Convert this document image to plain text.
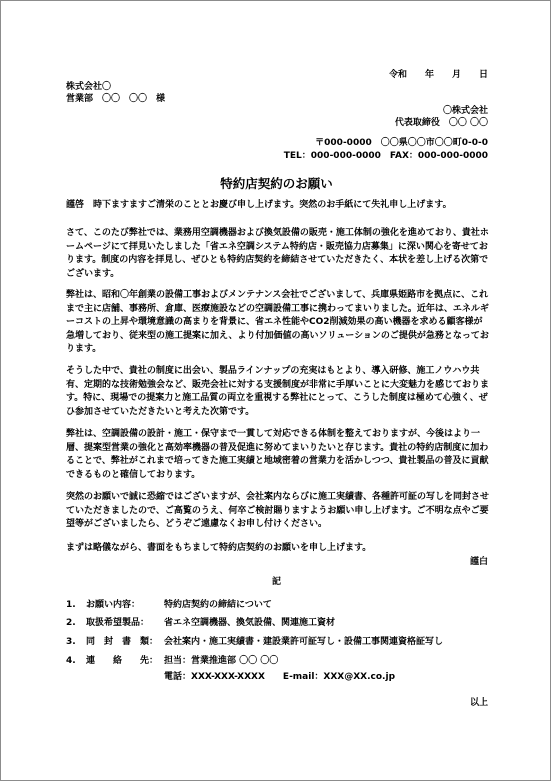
令和　　年　　月　　日
株式会社〇
営業部　〇〇　〇〇　様
〇株式会社
代表取締役　〇〇 〇〇
〒000-0000　〇〇県〇〇市〇〇町0-0-0
TEL：000-000-0000　FAX：000-000-0000
特約店契約のお願い
謹啓　時下ますますご清栄のこととお慶び申し上げます。突然のお手紙にて失礼申し上げます。
さて、このたび弊社では、業務用空調機器および換気設備の販売・施工体制の強化を進めており、貴社ホームページにて拝見いたしました「省エネ空調システム特約店・販売協力店募集」に深い関心を寄せております。制度の内容を拝見し、ぜひとも特約店契約を締結させていただきたく、本状を差し上げる次第でございます。
弊社は、昭和〇年創業の設備工事およびメンテナンス会社でございまして、兵庫県姫路市を拠点に、これまで主に店舗、事務所、倉庫、医療施設などの空調設備工事に携わってまいりました。近年は、エネルギーコストの上昇や環境意識の高まりを背景に、省エネ性能やCO2削減効果の高い機器を求める顧客様が急増しており、従来型の施工提案に加え、より付加価値の高いソリューションのご提供が急務となっております。
そうした中で、貴社の制度に出会い、製品ラインナップの充実はもとより、導入研修、施工ノウハウ共有、定期的な技術勉強会など、販売会社に対する支援制度が非常に手厚いことに大変魅力を感じております。特に、現場での提案力と施工品質の両立を重視する弊社にとって、こうした制度は極めて心強く、ぜひ参加させていただきたいと考えた次第です。
弊社は、空調設備の設計・施工・保守まで一貫して対応できる体制を整えておりますが、今後はより一層、提案型営業の強化と高効率機器の普及促進に努めてまいりたいと存じます。貴社の特約店制度に加わることで、弊社がこれまで培ってきた施工実績と地域密着の営業力を活かしつつ、貴社製品の普及に貢献できるものと確信しております。
突然のお願いで誠に恐縮ではございますが、会社案内ならびに施工実績書、各種許可証の写しを同封させていただきましたので、ご高覧のうえ、何卒ご検討賜りますようお願い申し上げます。ご不明な点やご要望等がございましたら、どうぞご遠慮なくお申し付けください。
まずは略儀ながら、書面をもちまして特約店契約のお願いを申し上げます。
謹白
記
1. お願い内容：	特約店契約の締結について
2. 取扱希望製品： 省エネ空調機器、換気設備、関連施工資材
3. 同　封　書　類： 会社案内・施工実績書・建設業許可証写し・設備工事関連資格証写し
4. 連　　絡　　先： 担当：営業推進部 〇〇 〇〇
電話：XXX-XXX-XXXX　　E-mail：XXX@XX.co.jp
以上
